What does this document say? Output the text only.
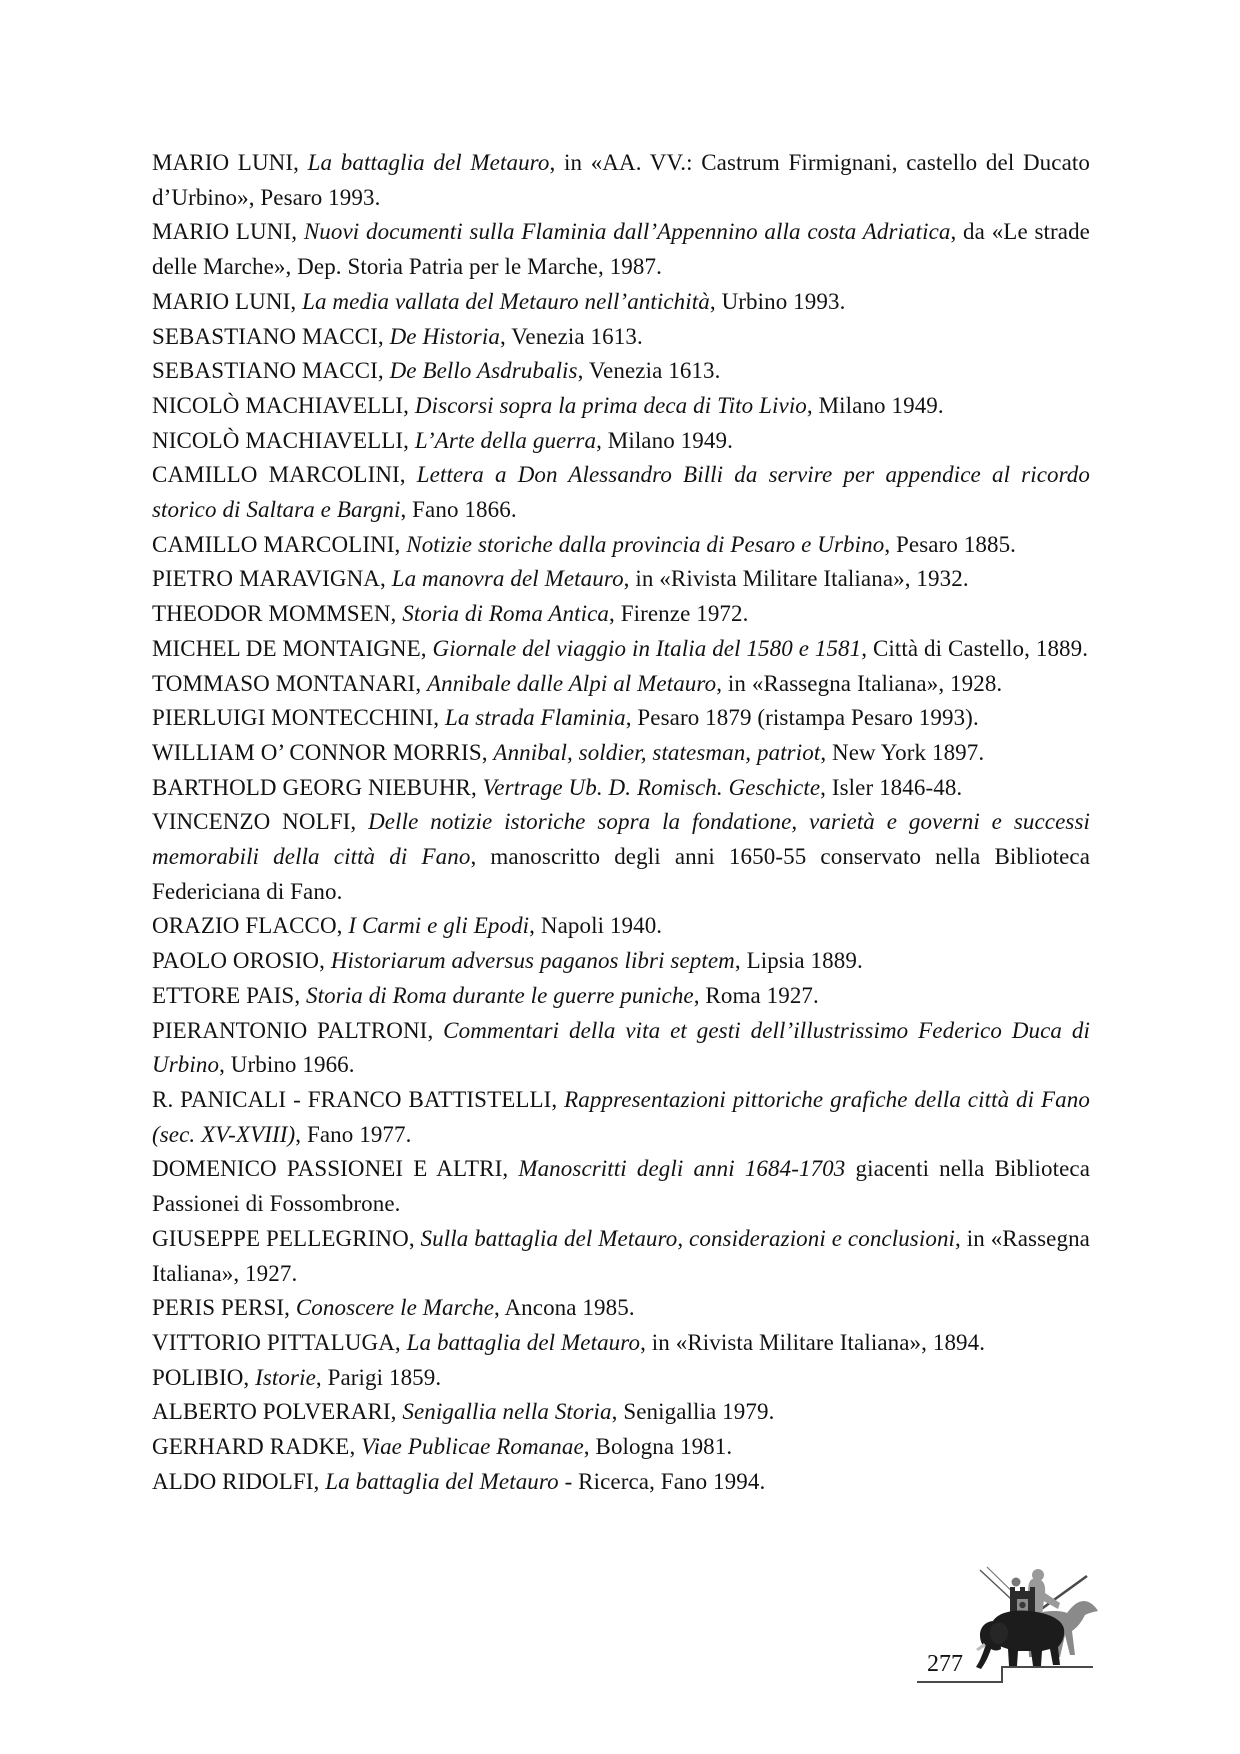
MARIO LUNI, La battaglia del Metauro, in «AA. VV.: Castrum Firmignani, castello del Ducato d’Urbino», Pesaro 1993.

MARIO LUNI, Nuovi documenti sulla Flaminia dall’Appennino alla costa Adriatica, da «Le strade delle Marche», Dep. Storia Patria per le Marche, 1987.

MARIO LUNI, La media vallata del Metauro nell’antichità, Urbino 1993.

SEBASTIANO MACCI, De Historia, Venezia 1613.

SEBASTIANO MACCI, De Bello Asdrubalis, Venezia 1613.

NICOLÒ MACHIAVELLI, Discorsi sopra la prima deca di Tito Livio, Milano 1949.

NICOLÒ MACHIAVELLI, L’Arte della guerra, Milano 1949.

CAMILLO MARCOLINI, Lettera a Don Alessandro Billi da servire per appendice al ricordo storico di Saltara e Bargni, Fano 1866.

CAMILLO MARCOLINI, Notizie storiche dalla provincia di Pesaro e Urbino, Pesaro 1885.

PIETRO MARAVIGNA, La manovra del Metauro, in «Rivista Militare Italiana», 1932.

THEODOR MOMMSEN, Storia di Roma Antica, Firenze 1972.

MICHEL DE MONTAIGNE, Giornale del viaggio in Italia del 1580 e 1581, Città di Castello, 1889.

TOMMASO MONTANARI, Annibale dalle Alpi al Metauro, in «Rassegna Italiana», 1928.

PIERLUIGI MONTECCHINI, La strada Flaminia, Pesaro 1879 (ristampa Pesaro 1993).

WILLIAM O’ CONNOR MORRIS, Annibal, soldier, statesman, patriot, New York 1897.

BARTHOLD GEORG NIEBUHR, Vertrage Ub. D. Romisch. Geschicte, Isler 1846-48.

VINCENZO NOLFI, Delle notizie istoriche sopra la fondatione, varietà e governi e successi memorabili della città di Fano, manoscritto degli anni 1650-55 conservato nella Biblioteca Federiciana di Fano.

ORAZIO FLACCO, I Carmi e gli Epodi, Napoli 1940.

PAOLO OROSIO, Historiarum adversus paganos libri septem, Lipsia 1889.

ETTORE PAIS, Storia di Roma durante le guerre puniche, Roma 1927.

PIERANTONIO PALTRONI, Commentari della vita et gesti dell’illustrissimo Federico Duca di Urbino, Urbino 1966.

R. PANICALI - FRANCO BATTISTELLI, Rappresentazioni pittoriche grafiche della città di Fano (sec. XV-XVIII), Fano 1977.

DOMENICO PASSIONEI E ALTRI, Manoscritti degli anni 1684-1703 giacenti nella Biblioteca Passionei di Fossombrone.

GIUSEPPE PELLEGRINO, Sulla battaglia del Metauro, considerazioni e conclusioni, in «Rassegna Italiana», 1927.

PERIS PERSI, Conoscere le Marche, Ancona 1985.

VITTORIO PITTALUGA, La battaglia del Metauro, in «Rivista Militare Italiana», 1894.

POLIBIO, Istorie, Parigi 1859.

ALBERTO POLVERARI, Senigallia nella Storia, Senigallia 1979.

GERHARD RADKE, Viae Publicae Romanae, Bologna 1981.

ALDO RIDOLFI, La battaglia del Metauro - Ricerca, Fano 1994.

277
